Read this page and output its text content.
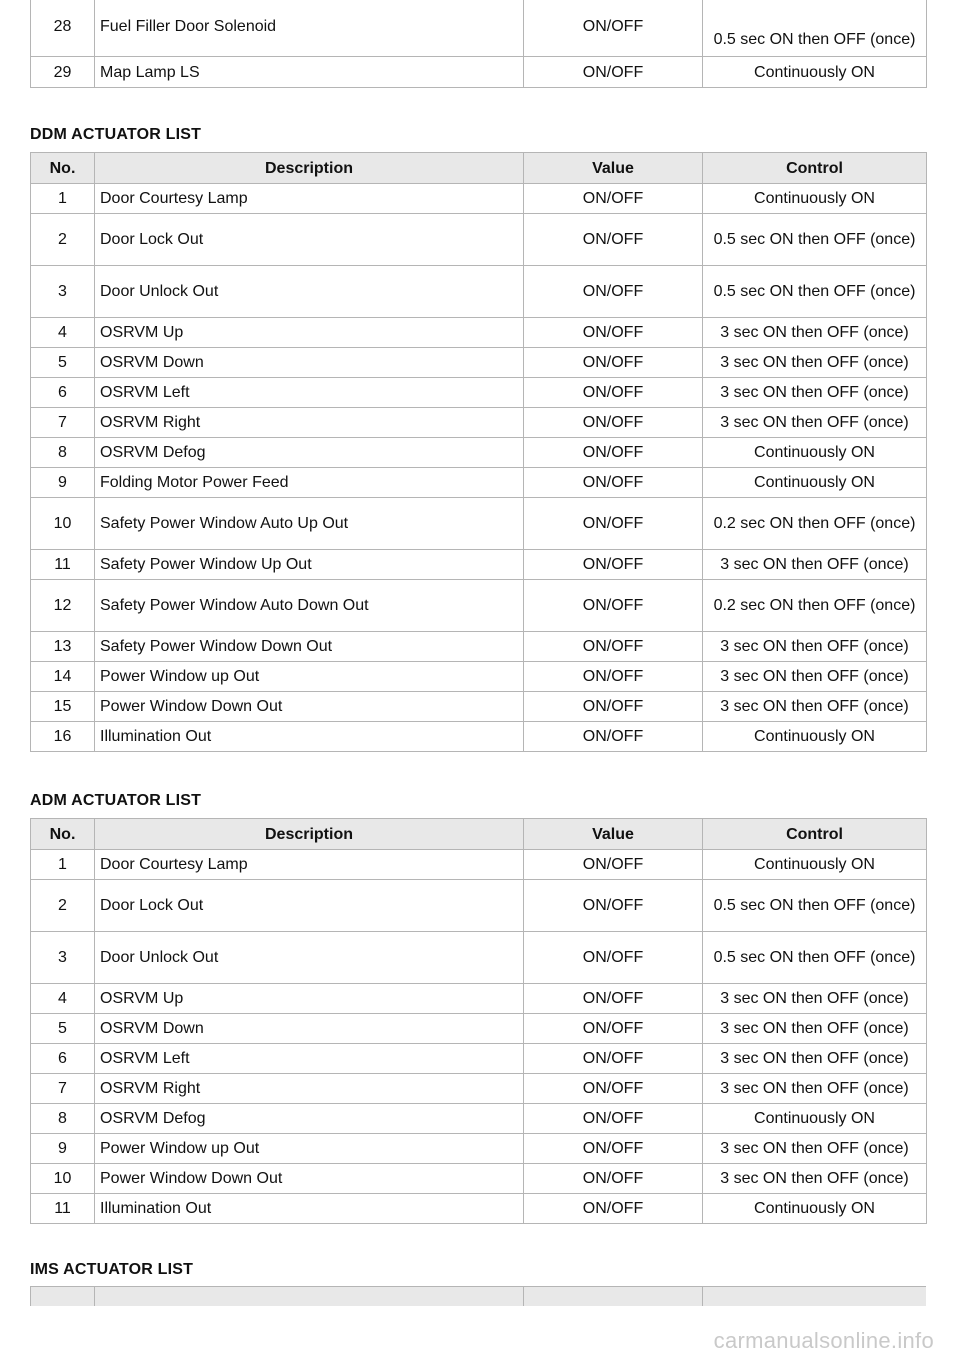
28	Fuel Filler Door Solenoid	ON/OFF	0.5 sec ON then OFF (once)
29	Map Lamp LS	ON/OFF	Continuously ON
DDM ACTUATOR LIST
No.	Description	Value	Control
1	Door Courtesy Lamp	ON/OFF	Continuously ON
2	Door Lock Out	ON/OFF	0.5 sec ON then OFF (once)
3	Door Unlock Out	ON/OFF	0.5 sec ON then OFF (once)
4	OSRVM Up	ON/OFF	3 sec ON then OFF (once)
5	OSRVM Down	ON/OFF	3 sec ON then OFF (once)
6	OSRVM Left	ON/OFF	3 sec ON then OFF (once)
7	OSRVM Right	ON/OFF	3 sec ON then OFF (once)
8	OSRVM Defog	ON/OFF	Continuously ON
9	Folding Motor Power Feed	ON/OFF	Continuously ON
10	Safety Power Window Auto Up Out	ON/OFF	0.2 sec ON then OFF (once)
11	Safety Power Window Up Out	ON/OFF	3 sec ON then OFF (once)
12	Safety Power Window Auto Down Out	ON/OFF	0.2 sec ON then OFF (once)
13	Safety Power Window Down Out	ON/OFF	3 sec ON then OFF (once)
14	Power Window up Out	ON/OFF	3 sec ON then OFF (once)
15	Power Window Down Out	ON/OFF	3 sec ON then OFF (once)
16	Illumination Out	ON/OFF	Continuously ON
ADM ACTUATOR LIST
No.	Description	Value	Control
1	Door Courtesy Lamp	ON/OFF	Continuously ON
2	Door Lock Out	ON/OFF	0.5 sec ON then OFF (once)
3	Door Unlock Out	ON/OFF	0.5 sec ON then OFF (once)
4	OSRVM Up	ON/OFF	3 sec ON then OFF (once)
5	OSRVM Down	ON/OFF	3 sec ON then OFF (once)
6	OSRVM Left	ON/OFF	3 sec ON then OFF (once)
7	OSRVM Right	ON/OFF	3 sec ON then OFF (once)
8	OSRVM Defog	ON/OFF	Continuously ON
9	Power Window up Out	ON/OFF	3 sec ON then OFF (once)
10	Power Window Down Out	ON/OFF	3 sec ON then OFF (once)
11	Illumination Out	ON/OFF	Continuously ON
IMS ACTUATOR LIST

carmanualsonline.info
